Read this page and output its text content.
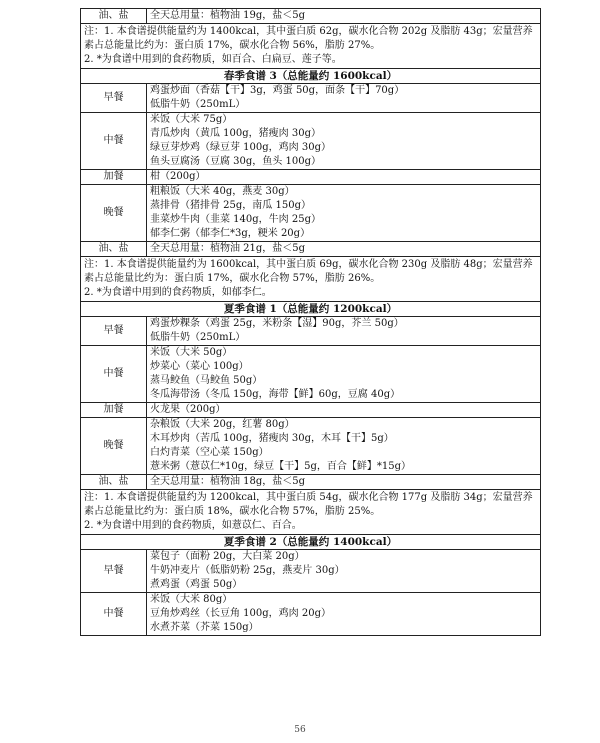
油、盐	全天总用量：植物油 19g，盐＜5g

注：1. 本食谱提供能量约为 1400kcal，其中蛋白质 62g，碳水化合物 202g 及脂肪 43g；宏量营养素占总能量比约为：蛋白质 17%，碳水化合物 56%，脂肪 27%。
2. *为食谱中用到的食药物质，如百合、白扁豆、莲子等。	

春季食谱 3（总能量约 1600kcal）	
早餐	鸡蛋炒面（香菇【干】3g，鸡蛋 50g，面条【干】70g）
低脂牛奶（250mL）

中餐	米饭（大米 75g）
青瓜炒肉（黄瓜 100g，猪瘦肉 30g）
绿豆芽炒鸡（绿豆芽 100g，鸡肉 30g）
鱼头豆腐汤（豆腐 30g，鱼头 100g）

加餐	柑（200g）

晚餐	粗粮饭（大米 40g，燕麦 30g）
蒸排骨（猪排骨 25g，南瓜 150g）
韭菜炒牛肉（韭菜 140g，牛肉 25g）
郁李仁粥（郁李仁*3g，粳米 20g）

油、盐	全天总用量：植物油 21g，盐＜5g

注：1. 本食谱提供能量约为 1600kcal，其中蛋白质 69g，碳水化合物 230g 及脂肪 48g；宏量营养素占总能量比约为：蛋白质 17%，碳水化合物 57%，脂肪 26%。
2. *为食谱中用到的食药物质，如郁李仁。	

夏季食谱 1（总能量约 1200kcal）	
早餐	鸡蛋炒粿条（鸡蛋 25g，米粉条【湿】90g，芥兰 50g）
低脂牛奶（250mL）

中餐	米饭（大米 50g）
炒菜心（菜心 100g）
蒸马鲛鱼（马鲛鱼 50g）
冬瓜海带汤（冬瓜 150g，海带【鲜】60g，豆腐 40g）

加餐	火龙果（200g）

晚餐	杂粮饭（大米 20g，红薯 80g）
木耳炒肉（苦瓜 100g，猪瘦肉 30g，木耳【干】5g）
白灼青菜（空心菜 150g）
薏米粥（薏苡仁*10g，绿豆【干】5g，百合【鲜】*15g）

油、盐	全天总用量：植物油 18g，盐＜5g

注：1. 本食谱提供能量约为 1200kcal，其中蛋白质 54g，碳水化合物 177g 及脂肪 34g；宏量营养素占总能量比约为：蛋白质 18%，碳水化合物 57%，脂肪 25%。
2. *为食谱中用到的食药物质，如薏苡仁、百合。	

夏季食谱 2（总能量约 1400kcal）	
早餐	菜包子（面粉 20g，大白菜 20g）
牛奶冲麦片（低脂奶粉 25g，燕麦片 30g）
煮鸡蛋（鸡蛋 50g）

中餐	米饭（大米 80g）
豆角炒鸡丝（长豆角 100g，鸡肉 20g）
水煮芥菜（芥菜 150g）
56
